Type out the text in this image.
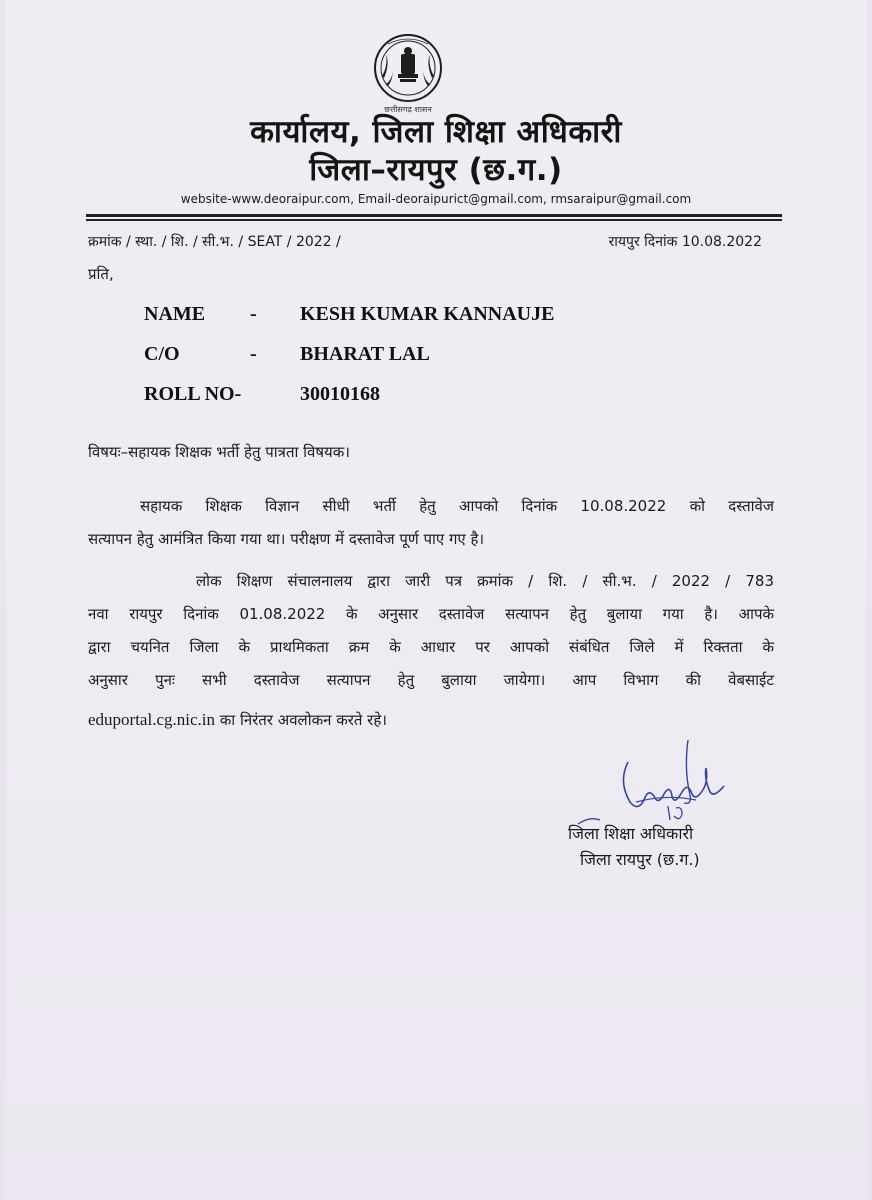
छत्तीसगढ़ शासन
कार्यालय, जिला शिक्षा अधिकारी
जिला–रायपुर (छ.ग.)
website-www.deoraipur.com, Email-deoraipurict@gmail.com, rmsaraipur@gmail.com
क्रमांक / स्था. / शि. / सी.भ. / SEAT / 2022 /	रायपुर दिनांक 10.08.2022
प्रति,
NAME - KESH KUMAR KANNAUJE
C/O	- BHARAT LAL
ROLL NO-	30010168
विषयः–सहायक शिक्षक भर्ती हेतु पात्रता विषयक।
सहायक शिक्षक विज्ञान सीधी भर्ती हेतु आपको दिनांक 10.08.2022 को दस्तावेज
सत्यापन हेतु आमंत्रित किया गया था। परीक्षण में दस्तावेज पूर्ण पाए गए है।
लोक शिक्षण संचालनालय द्वारा जारी पत्र क्रमांक / शि. / सी.भ. / 2022 / 783
नवा रायपुर दिनांक 01.08.2022 के अनुसार दस्तावेज सत्यापन हेतु बुलाया गया है। आपके
द्वारा चयनित जिला के प्राथमिकता क्रम के आधार पर आपको संबंधित जिले में रिक्तता के
अनुसार पुनः सभी दस्तावेज सत्यापन हेतु बुलाया जायेगा। आप विभाग की वेबसाईट
eduportal.cg.nic.in का निरंतर अवलोकन करते रहे।
जिला शिक्षा अधिकारी
जिला रायपुर (छ.ग.)
